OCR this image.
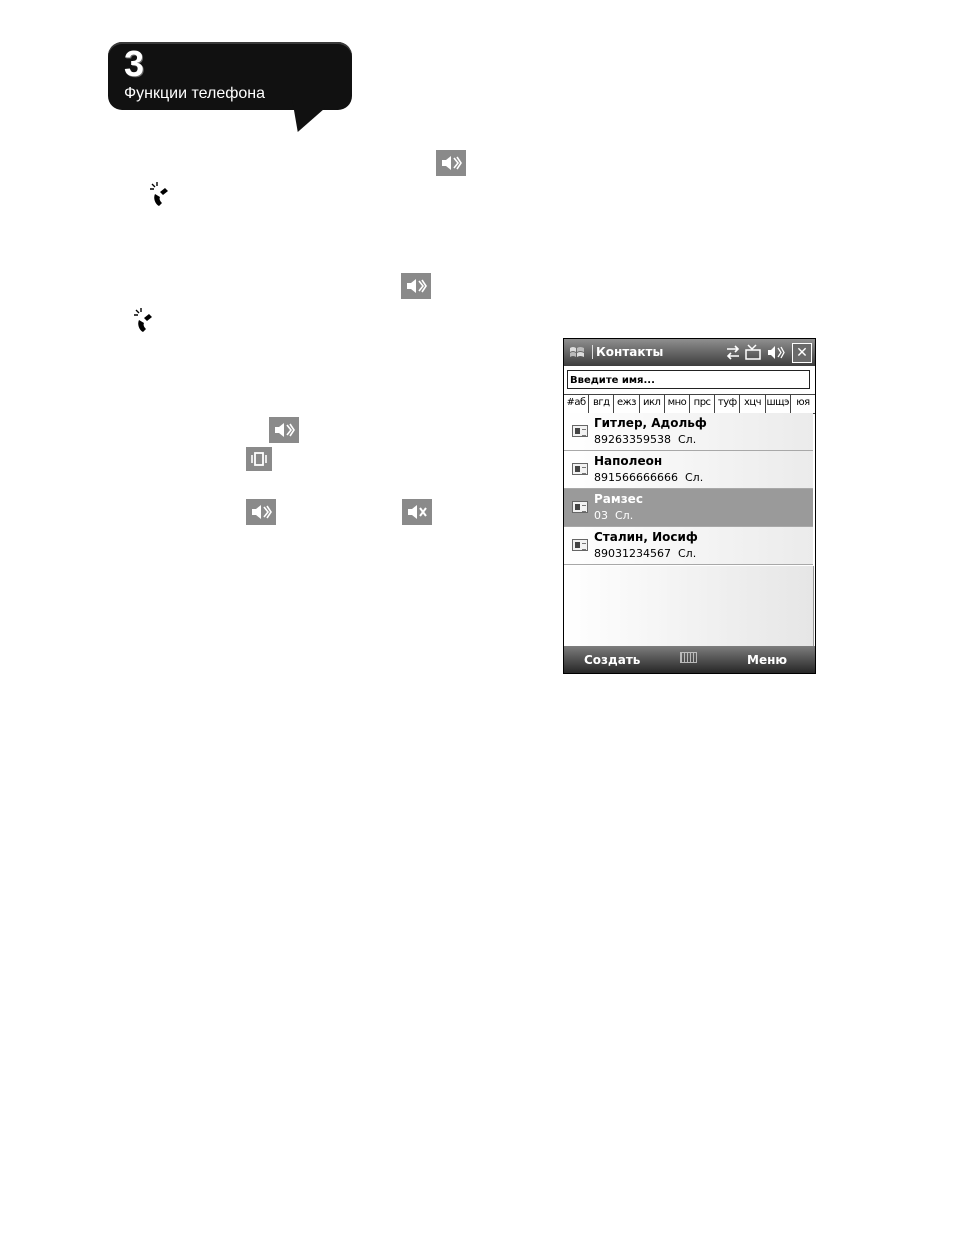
3
Функции телефона
Контакты	✕
Введите имя...
#аб вгд ежз икл мно прс туф хцч шщэ юя
Гитлер, Адольф
89263359538 Сл.
Наполеон
891566666666 Сл.
Рамзес
03 Сл.
Сталин, Иосиф
89031234567 Сл.
Создать	Меню
